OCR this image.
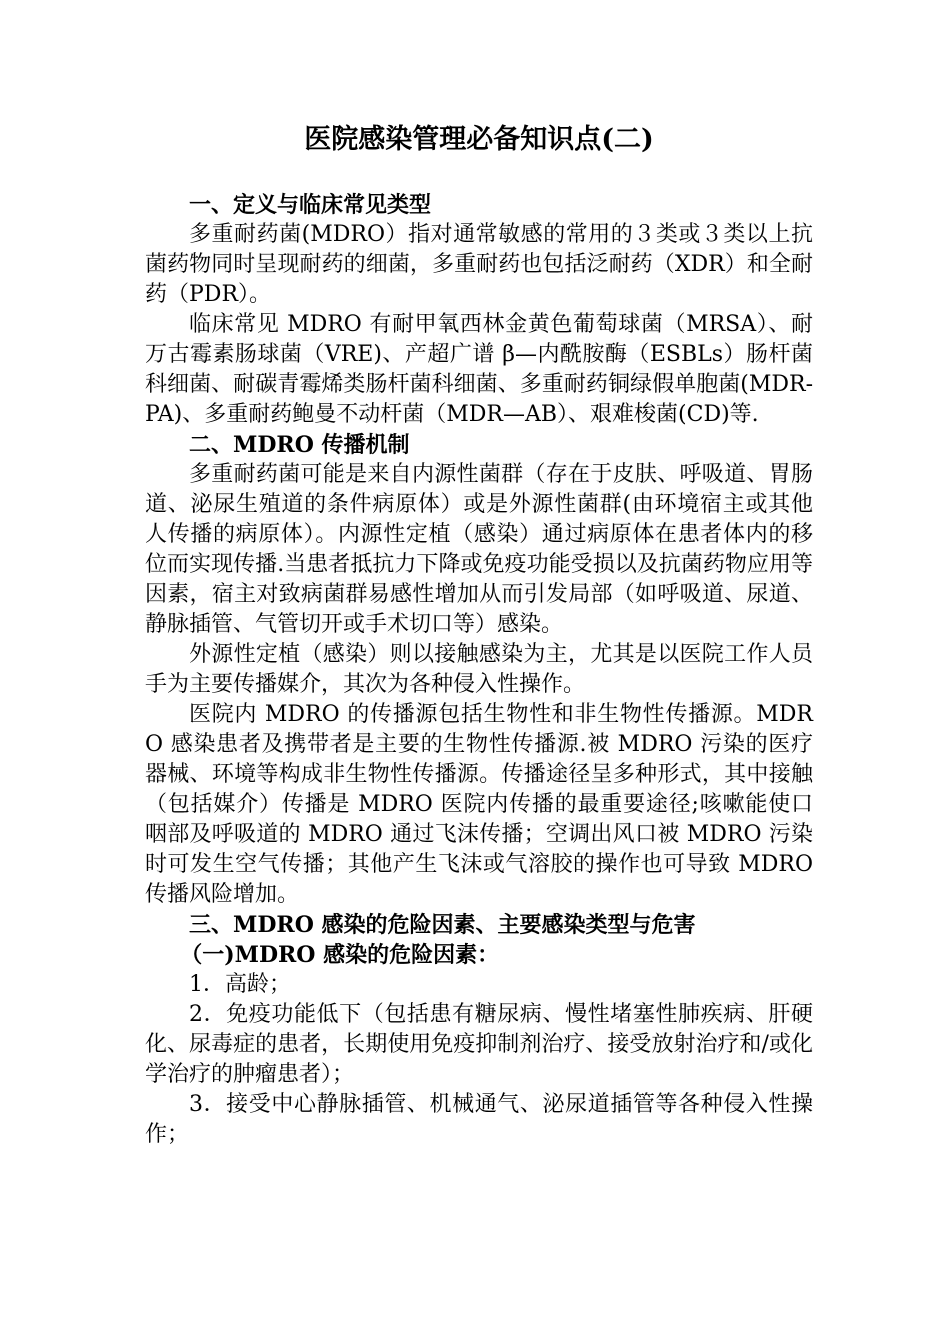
医院感染管理必备知识点(二)

一、定义与临床常见类型

多重耐药菌(MDRO）指对通常敏感的常用的３类或３类以上抗菌药物同时呈现耐药的细菌，多重耐药也包括泛耐药（XDR）和全耐药（PDR）。

临床常见 MDRO 有耐甲氧西林金黄色葡萄球菌（MRSA）、耐万古霉素肠球菌（VRE)、产超广谱 β—内酰胺酶（ESBLs）肠杆菌科细菌、耐碳青霉烯类肠杆菌科细菌、多重耐药铜绿假单胞菌(MDR-PA)、多重耐药鲍曼不动杆菌（MDR—AB）、艰难梭菌(CD)等.

二、MDRO 传播机制

多重耐药菌可能是来自内源性菌群（存在于皮肤、呼吸道、胃肠道、泌尿生殖道的条件病原体）或是外源性菌群(由环境宿主或其他人传播的病原体）。内源性定植（感染）通过病原体在患者体内的移位而实现传播.当患者抵抗力下降或免疫功能受损以及抗菌药物应用等因素，宿主对致病菌群易感性增加从而引发局部（如呼吸道、尿道、静脉插管、气管切开或手术切口等）感染。

外源性定植（感染）则以接触感染为主，尤其是以医院工作人员手为主要传播媒介，其次为各种侵入性操作。

医院内 MDRO 的传播源包括生物性和非生物性传播源。MDRO 感染患者及携带者是主要的生物性传播源.被 MDRO 污染的医疗器械、环境等构成非生物性传播源。传播途径呈多种形式，其中接触（包括媒介）传播是 MDRO 医院内传播的最重要途径;咳嗽能使口咽部及呼吸道的 MDRO 通过飞沫传播；空调出风口被 MDRO 污染时可发生空气传播；其他产生飞沫或气溶胶的操作也可导致 MDRO 传播风险增加。

三、MDRO 感染的危险因素、主要感染类型与危害

（一)MDRO 感染的危险因素：

1．高龄；

2．免疫功能低下（包括患有糖尿病、慢性堵塞性肺疾病、肝硬化、尿毒症的患者，长期使用免疫抑制剂治疗、接受放射治疗和/或化学治疗的肿瘤患者）；

3．接受中心静脉插管、机械通气、泌尿道插管等各种侵入性操作；
